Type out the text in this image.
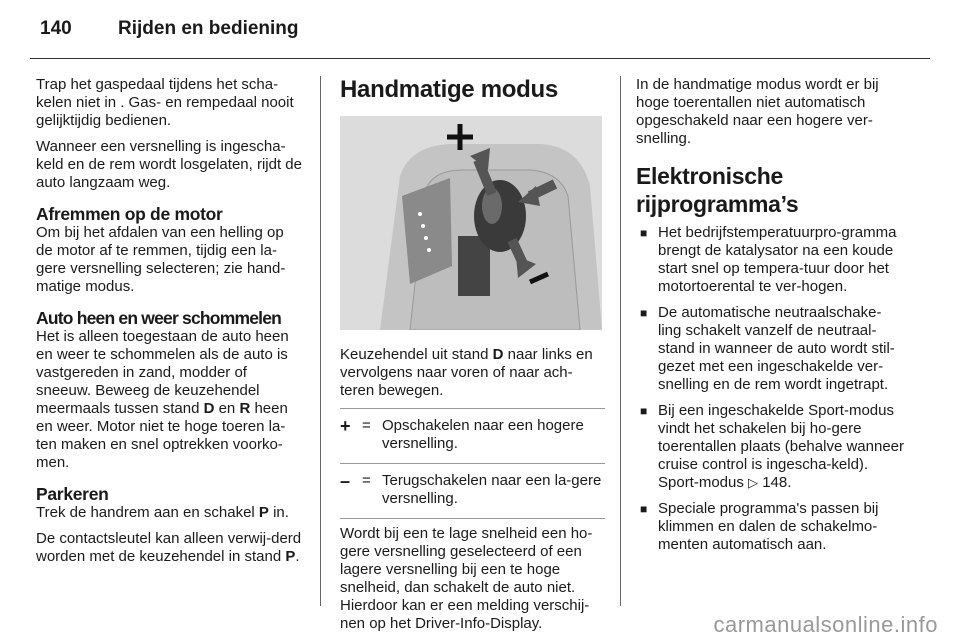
140 Rijden en bediening

Trap het gaspedaal tijdens het scha-kelen niet in . Gas- en rempedaal nooit gelijktijdig bedienen.

Wanneer een versnelling is ingescha-keld en de rem wordt losgelaten, rijdt de auto langzaam weg.

Afremmen op de motor

Om bij het afdalen van een helling op de motor af te remmen, tijdig een la-gere versnelling selecteren; zie hand-matige modus.

Auto heen en weer schommelen

Het is alleen toegestaan de auto heen en weer te schommelen als de auto is vastgereden in zand, modder of sneeuw. Beweeg de keuzehendel meermaals tussen stand D en R heen en weer. Motor niet te hoge toeren la-ten maken en snel optrekken voorko-men.

Parkeren

Trek de handrem aan en schakel P in.

De contactsleutel kan alleen verwij-derd worden met de keuzehendel in stand P.

Handmatige modus

Keuzehendel uit stand D naar links en vervolgens naar voren of naar ach-teren bewegen.

+ = Opschakelen naar een hogere versnelling.
– = Terugschakelen naar een la-gere versnelling.

Wordt bij een te lage snelheid een ho-gere versnelling geselecteerd of een lagere versnelling bij een te hoge snelheid, dan schakelt de auto niet. Hierdoor kan er een melding verschij-nen op het Driver-Info-Display.

In de handmatige modus wordt er bij hoge toerentallen niet automatisch opgeschakeld naar een hogere ver-snelling.

Elektronische
rijprogramma’s
■ Het bedrijfstemperatuurpro-gramma brengt de katalysator na een koude start snel op tempera-tuur door het motortoerental te ver-hogen.
■ De automatische neutraalschake-ling schakelt vanzelf de neutraal-stand in wanneer de auto wordt stil-gezet met een ingeschakelde ver-snelling en de rem wordt ingetrapt.
■ Bij een ingeschakelde Sport-modus vindt het schakelen bij ho-gere toerentallen plaats (behalve wanneer cruise control is ingescha-keld). Sport-modus ▷ 148.
■ Speciale programma's passen bij klimmen en dalen de schakelmo-menten automatisch aan.
carmanualsonline.info
